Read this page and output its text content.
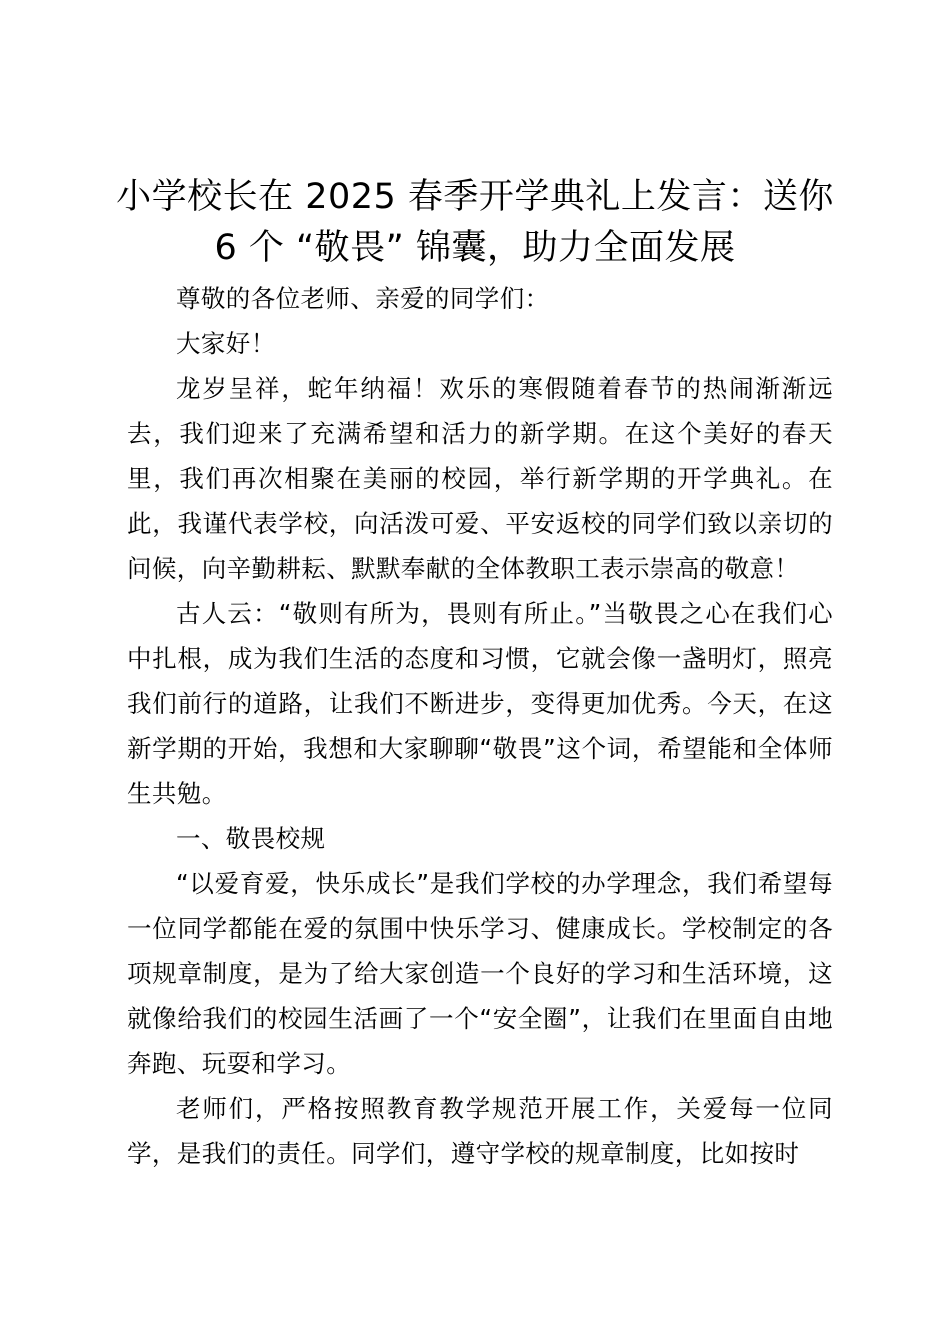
小学校长在 2025 春季开学典礼上发言：送你 6 个 “敬畏” 锦囊，助力全面发展

尊敬的各位老师、亲爱的同学们：

大家好！

龙岁呈祥，蛇年纳福！欢乐的寒假随着春节的热闹渐渐远去，我们迎来了充满希望和活力的新学期。在这个美好的春天里，我们再次相聚在美丽的校园，举行新学期的开学典礼。在此，我谨代表学校，向活泼可爱、平安返校的同学们致以亲切的问候，向辛勤耕耘、默默奉献的全体教职工表示崇高的敬意！

古人云：“敬则有所为，畏则有所止。”当敬畏之心在我们心中扎根，成为我们生活的态度和习惯，它就会像一盏明灯，照亮我们前行的道路，让我们不断进步，变得更加优秀。今天，在这新学期的开始，我想和大家聊聊“敬畏”这个词，希望能和全体师生共勉。

一、敬畏校规

“以爱育爱，快乐成长”是我们学校的办学理念，我们希望每一位同学都能在爱的氛围中快乐学习、健康成长。学校制定的各项规章制度，是为了给大家创造一个良好的学习和生活环境，这就像给我们的校园生活画了一个“安全圈”，让我们在里面自由地奔跑、玩耍和学习。

老师们，严格按照教育教学规范开展工作，关爱每一位同学，是我们的责任。同学们，遵守学校的规章制度，比如按时
